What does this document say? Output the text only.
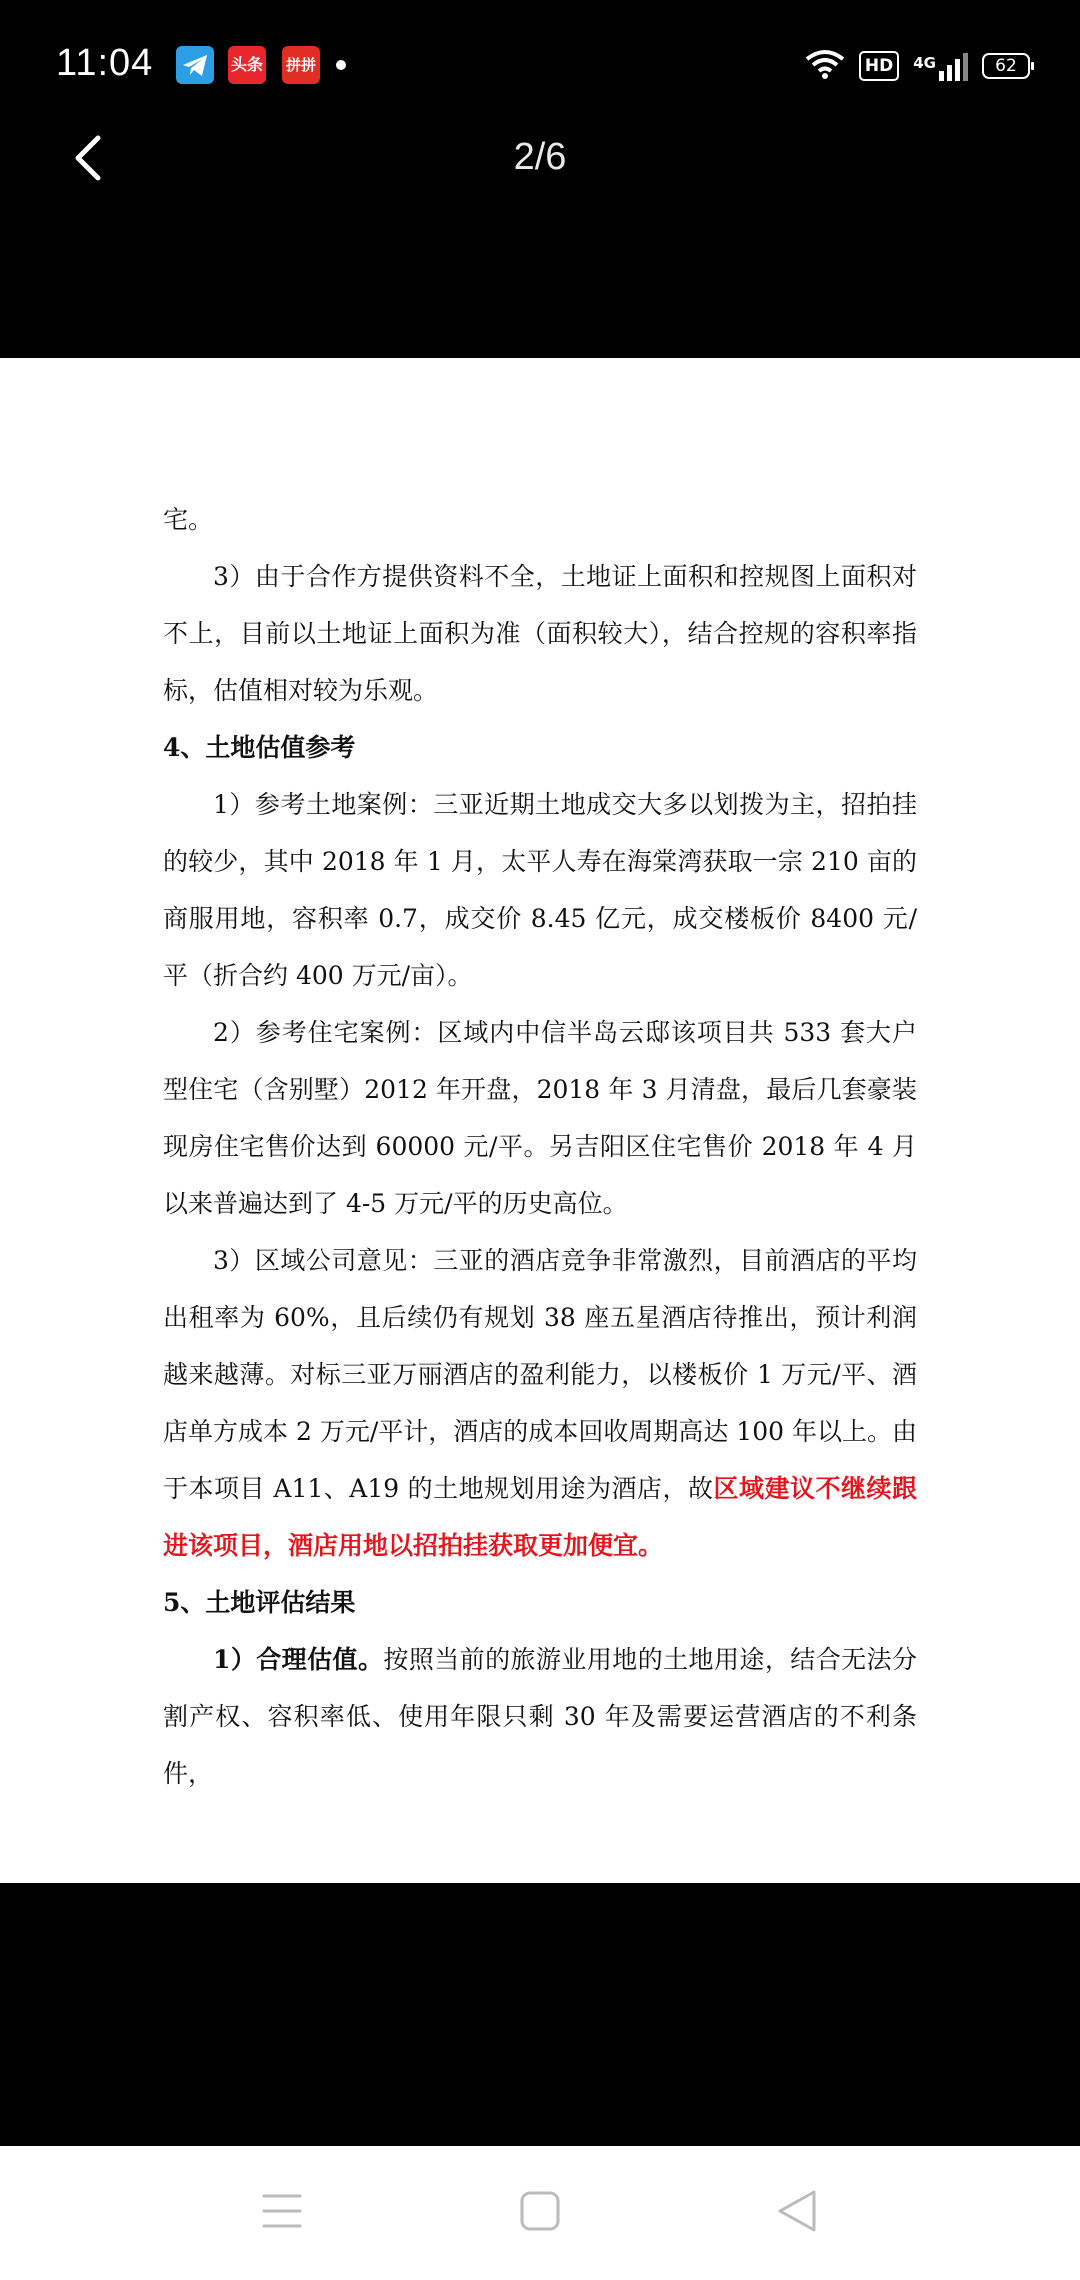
11:04	头条 拼拼	HD	4G	62
2/6

宅。

3）由于合作方提供资料不全，土地证上面积和控规图上面积对不上，目前以土地证上面积为准（面积较大），结合控规的容积率指标，估值相对较为乐观。

4、土地估值参考

1）参考土地案例：三亚近期土地成交大多以划拨为主，招拍挂的较少，其中 2018 年 1 月，太平人寿在海棠湾获取一宗 210 亩的商服用地，容积率 0.7，成交价 8.45 亿元，成交楼板价 8400 元/平（折合约 400 万元/亩）。

2）参考住宅案例：区域内中信半岛云邸该项目共 533 套大户型住宅（含别墅）2012 年开盘，2018 年 3 月清盘，最后几套豪装现房住宅售价达到 60000 元/平。另吉阳区住宅售价 2018 年 4 月以来普遍达到了 4-5 万元/平的历史高位。

3）区域公司意见：三亚的酒店竞争非常激烈，目前酒店的平均出租率为 60%，且后续仍有规划 38 座五星酒店待推出，预计利润越来越薄。对标三亚万丽酒店的盈利能力，以楼板价 1 万元/平、酒店单方成本 2 万元/平计，酒店的成本回收周期高达 100 年以上。由于本项目 A11、A19 的土地规划用途为酒店，故区域建议不继续跟进该项目，酒店用地以招拍挂获取更加便宜。

5、土地评估结果

1）合理估值。按照当前的旅游业用地的土地用途，结合无法分割产权、容积率低、使用年限只剩 30 年及需要运营酒店的不利条件，
